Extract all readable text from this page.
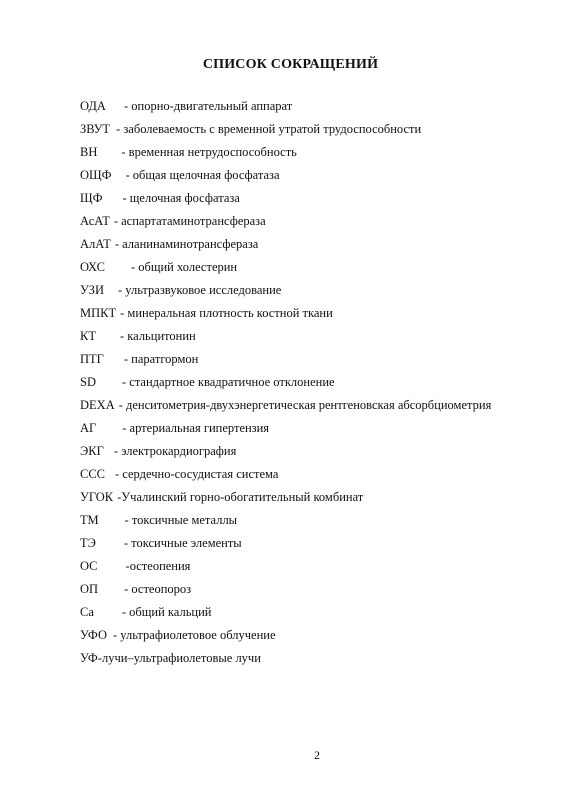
СПИСОК СОКРАЩЕНИЙ
ОДА - опорно-двигательный аппарат
ЗВУТ - заболеваемость с временной утратой трудоспособности
ВН - временная нетрудоспособность
ОЩФ - общая щелочная фосфатаза
ЩФ - щелочная фосфатаза
АсАТ - аспартатаминотрансфераза
АлАТ - аланинаминотрансфераза
ОХС - общий холестерин
УЗИ - ультразвуковое исследование
МПКТ - минеральная плотность костной ткани
КТ - кальцитонин
ПТГ - паратгормон
SD - стандартное квадратичное отклонение
DEXA - денситометрия-двухэнергетическая рентгеновская абсорбциометрия
АГ - артериальная гипертензия
ЭКГ - электрокардиография
ССС - сердечно-сосудистая система
УГОК -Учалинский горно-обогатительный комбинат
ТМ - токсичные металлы
ТЭ - токсичные элементы
ОС -остеопения
ОП - остеопороз
Са - общий кальций
УФО - ультрафиолетовое облучение
УФ-лучи–ультрафиолетовые лучи
2
